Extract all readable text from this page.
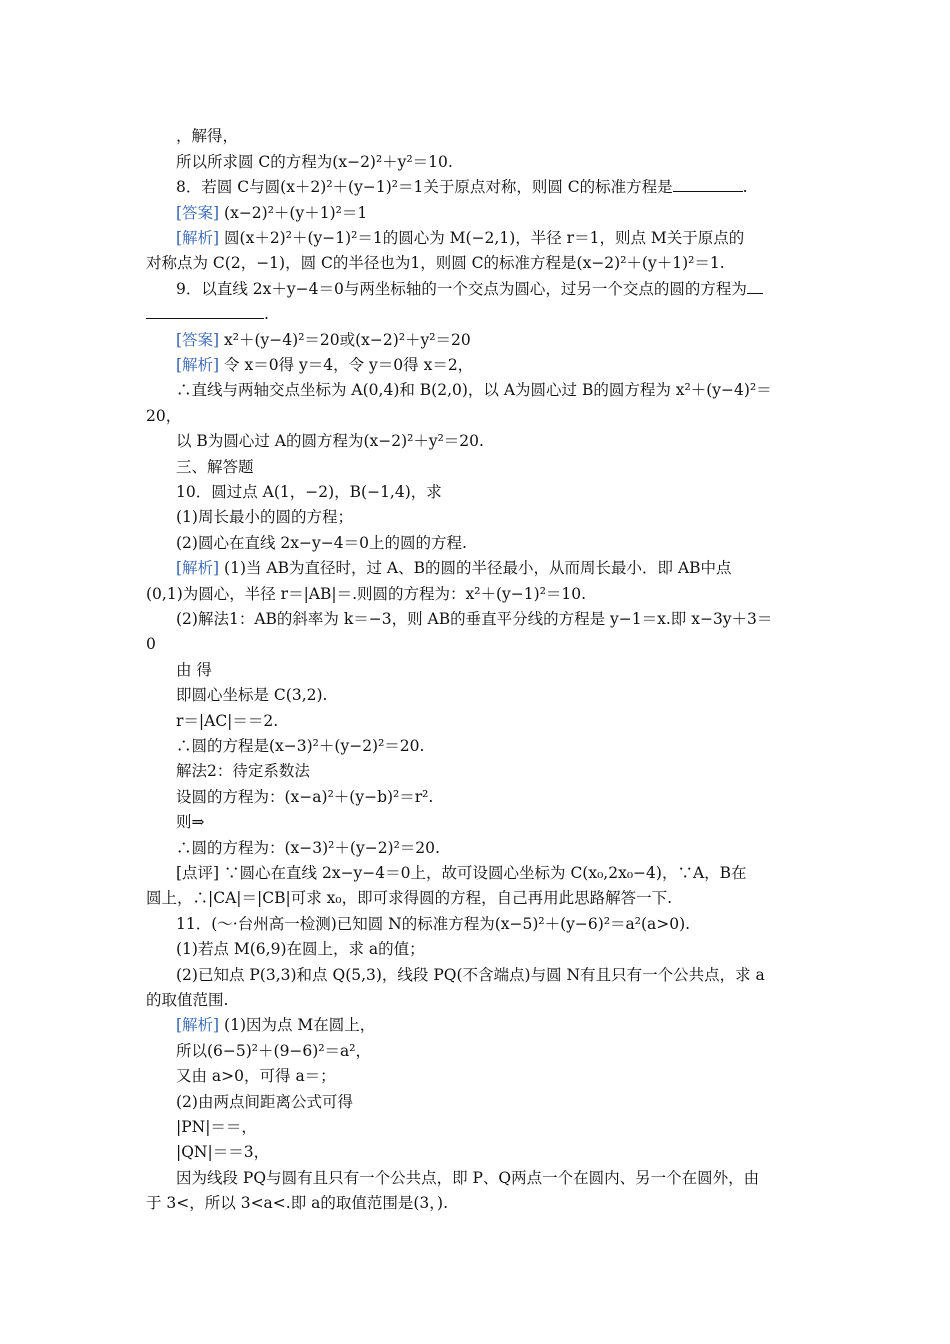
，解得，
所以所求圆 C的方程为(x−2)²＋y²＝10.
8．若圆 C与圆(x＋2)²＋(y−1)²＝1关于原点对称，则圆 C的标准方程是	.
[答案] (x−2)²＋(y＋1)²＝1
[解析] 圆(x＋2)²＋(y−1)²＝1的圆心为 M(−2,1)，半径 r＝1，则点 M关于原点的
对称点为 C(2，−1)，圆 C的半径也为1，则圆 C的标准方程是(x−2)²＋(y＋1)²＝1.
9．以直线 2x＋y−4＝0与两坐标轴的一个交点为圆心，过另一个交点的圆的方程为
.
[答案] x²＋(y−4)²＝20或(x−2)²＋y²＝20
[解析] 令 x＝0得 y＝4，令 y＝0得 x＝2，
∴直线与两轴交点坐标为 A(0,4)和 B(2,0)，以 A为圆心过 B的圆方程为 x²＋(y−4)²＝
20，
以 B为圆心过 A的圆方程为(x−2)²＋y²＝20.
三、解答题
10．圆过点 A(1，−2)，B(−1,4)，求
(1)周长最小的圆的方程；
(2)圆心在直线 2x−y−4＝0上的圆的方程.
[解析] (1)当 AB为直径时，过 A、B的圆的半径最小，从而周长最小．即 AB中点
(0,1)为圆心，半径 r＝|AB|＝.则圆的方程为：x²＋(y−1)²＝10.
(2)解法1：AB的斜率为 k＝−3，则 AB的垂直平分线的方程是 y−1＝x.即 x−3y＋3＝
0
由 得
即圆心坐标是 C(3,2).
r＝|AC|＝＝2.
∴圆的方程是(x−3)²＋(y−2)²＝20.
解法2：待定系数法
设圆的方程为：(x−a)²＋(y−b)²＝r².
则⇒
∴圆的方程为：(x−3)²＋(y−2)²＝20.
[点评] ∵圆心在直线 2x−y−4＝0上，故可设圆心坐标为 C(x₀,2x₀−4)，∵A，B在
圆上，∴|CA|＝|CB|可求 x₀，即可求得圆的方程，自己再用此思路解答一下.
11．(～·台州高一检测)已知圆 N的标准方程为(x−5)²＋(y−6)²＝a²(a>0).
(1)若点 M(6,9)在圆上，求 a的值；
(2)已知点 P(3,3)和点 Q(5,3)，线段 PQ(不含端点)与圆 N有且只有一个公共点，求 a
的取值范围.
[解析] (1)因为点 M在圆上，
所以(6−5)²＋(9−6)²＝a²，
又由 a>0，可得 a＝；
(2)由两点间距离公式可得
|PN|＝＝，
|QN|＝＝3，
因为线段 PQ与圆有且只有一个公共点，即 P、Q两点一个在圆内、另一个在圆外，由
于 3<，所以 3<a<.即 a的取值范围是(3，).
